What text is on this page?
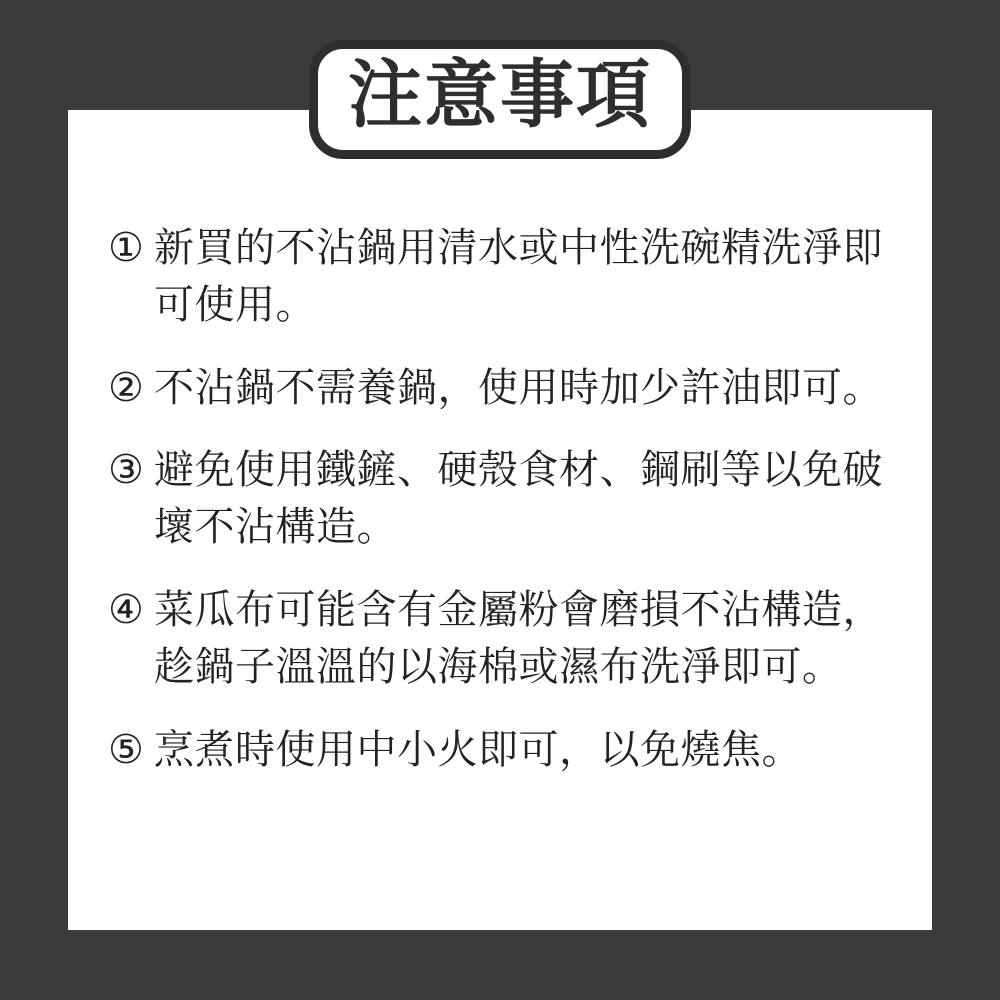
注意事項
① 新買的不沾鍋用清水或中性洗碗精洗淨即可使用。
② 不沾鍋不需養鍋，使用時加少許油即可。
③ 避免使用鐵鏟、硬殼食材、鋼刷等以免破壞不沾構造。
④ 菜瓜布可能含有金屬粉會磨損不沾構造，趁鍋子溫溫的以海棉或濕布洗淨即可。
⑤ 烹煮時使用中小火即可，以免燒焦。
